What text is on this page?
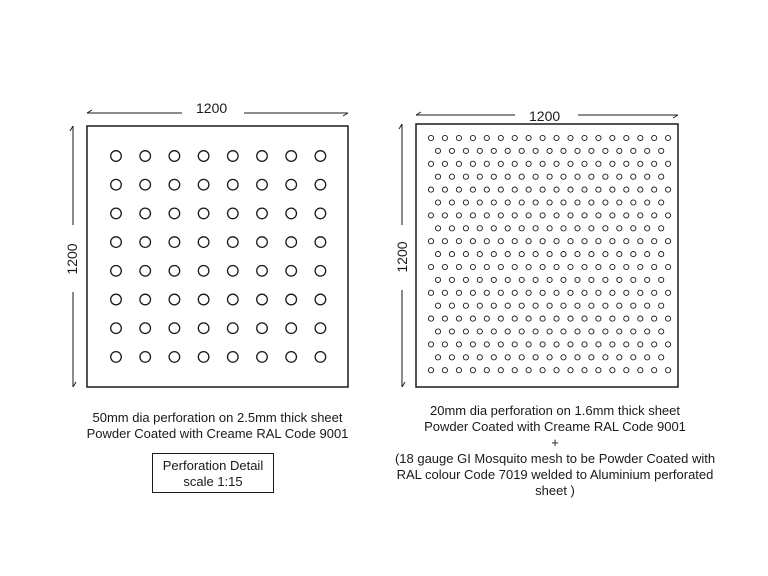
1200
1200
1200
1200
50mm dia perforation on 2.5mm thick sheet
Powder Coated with Creame RAL Code 9001
20mm dia perforation on 1.6mm thick sheet
Powder Coated with Creame RAL Code 9001
+
(18 gauge GI Mosquito mesh to be Powder Coated with
RAL colour Code 7019 welded to Aluminium perforated
sheet )
Perforation Detail
scale 1:15
